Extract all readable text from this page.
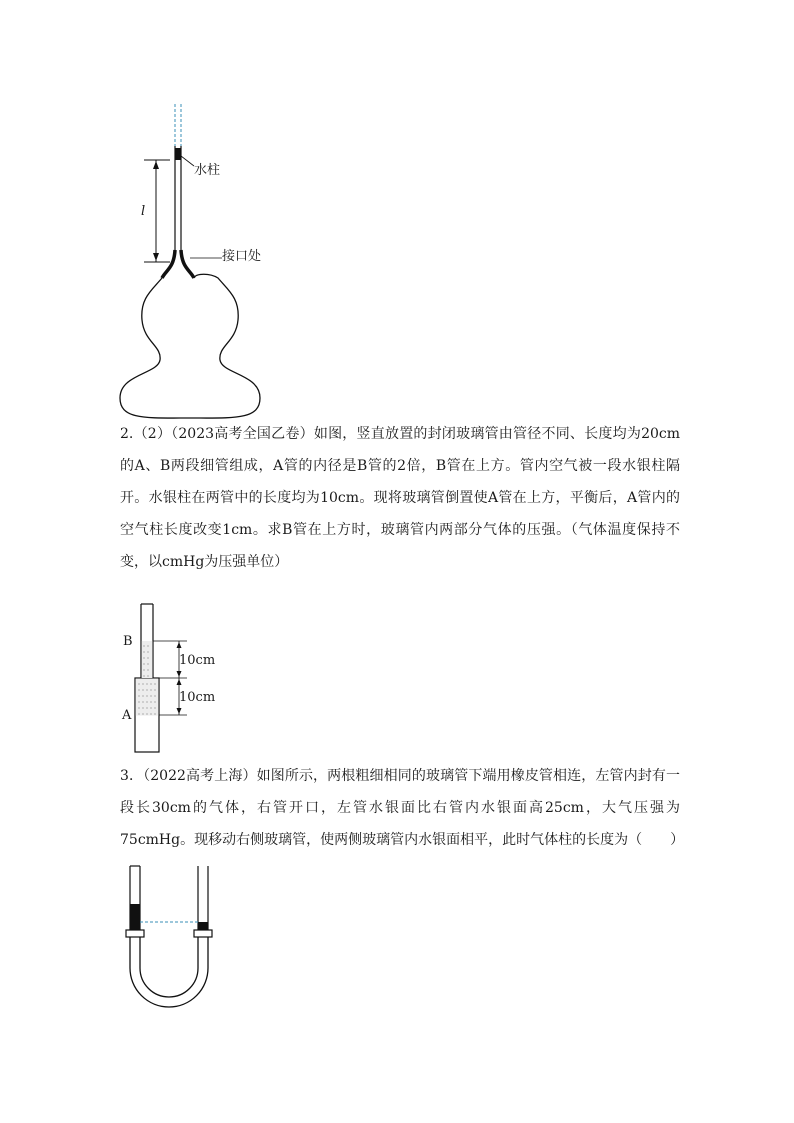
l
水柱
接口处

2.（2）（2023高考全国乙卷）如图，竖直放置的封闭玻璃管由管径不同、长度均为20cm的A、B两段细管组成，A管的内径是B管的2倍，B管在上方。管内空气被一段水银柱隔开。水银柱在两管中的长度均为10cm。现将玻璃管倒置使A管在上方，平衡后，A管内的空气柱长度改变1cm。求B管在上方时，玻璃管内两部分气体的压强。（气体温度保持不变，以cmHg为压强单位）

10cm
10cm
B
A

3．（2022高考上海）如图所示，两根粗细相同的玻璃管下端用橡皮管相连，左管内封有一段长30cm的气体，右管开口，左管水银面比右管内水银面高25cm，大气压强为75cmHg。现移动右侧玻璃管，使两侧玻璃管内水银面相平，此时气体柱的长度为（　　）
